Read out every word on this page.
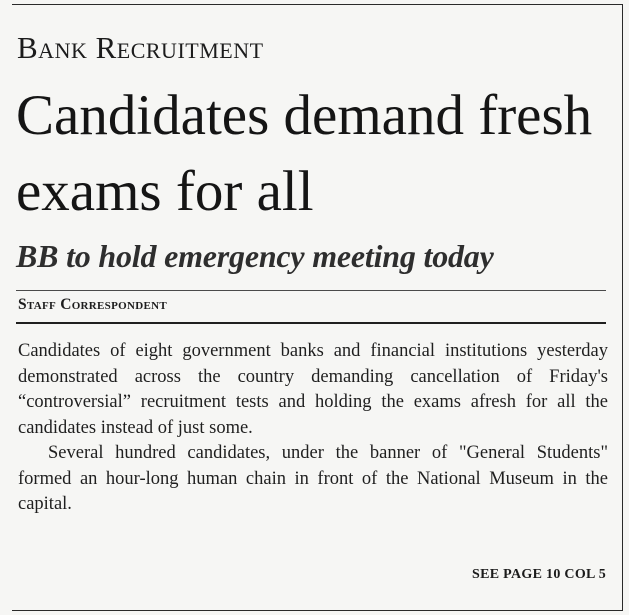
Bank Recruitment
Candidates demand fresh exams for all
BB to hold emergency meeting today
Staff Correspondent

Candidates of eight government banks and financial institutions yesterday demonstrated across the country demanding cancellation of Friday's “controversial” recruitment tests and holding the exams afresh for all the candidates instead of just some.

Several hundred candidates, under the banner of "General Students" formed an hour-long human chain in front of the National Museum in the capital.

SEE PAGE 10 COL 5
